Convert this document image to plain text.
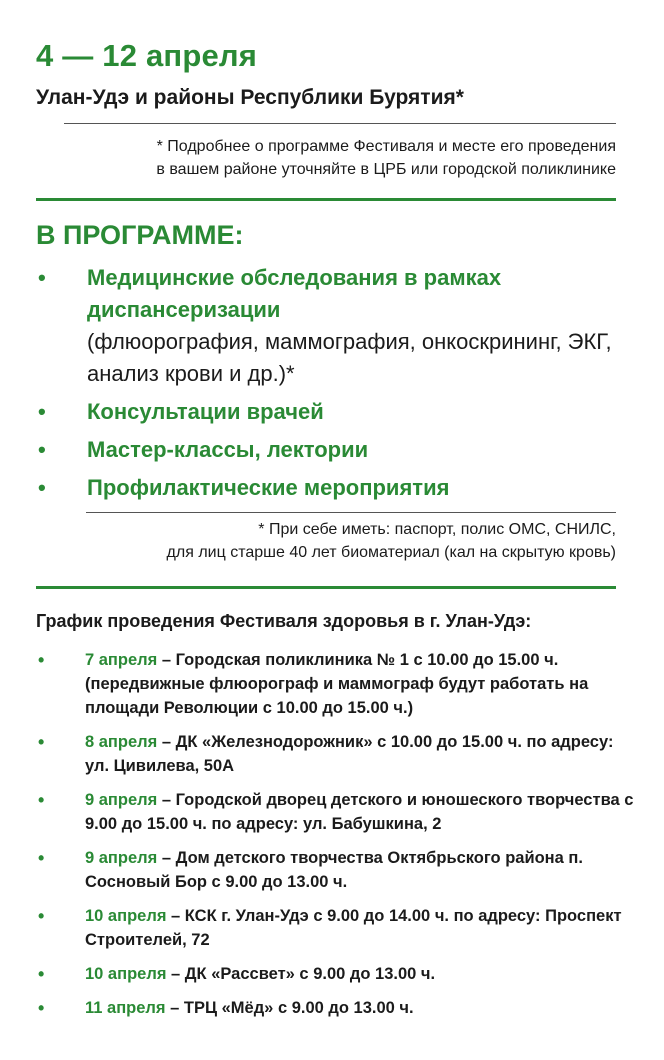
4 — 12 апреля
Улан-Удэ и районы Республики Бурятия*
* Подробнее о программе Фестиваля и месте его проведения
в вашем районе уточняйте в ЦРБ или городской поликлинике
В ПРОГРАММЕ:
• Медицинские обследования в рамках диспансеризации
(флюорография, маммография, онкоскрининг, ЭКГ, анализ крови и др.)*
• Консультации врачей
• Мастер-классы, лектории
• Профилактические мероприятия
* При себе иметь: паспорт, полис ОМС, СНИЛС,
для лиц старше 40 лет биоматериал (кал на скрытую кровь)
График проведения Фестиваля здоровья в г. Улан-Удэ:
• 7 апреля – Городская поликлиника № 1 с 10.00 до 15.00 ч. (передвижные флюорограф и маммограф будут работать на площади Революции с 10.00 до 15.00 ч.)
• 8 апреля – ДК «Железнодорожник» с 10.00 до 15.00 ч. по адресу: ул. Цивилева, 50А
• 9 апреля – Городской дворец детского и юношеского творчества с 9.00 до 15.00 ч. по адресу: ул. Бабушкина, 2
• 9 апреля – Дом детского творчества Октябрьского района п. Сосновый Бор с 9.00 до 13.00 ч.
• 10 апреля – КСК г. Улан-Удэ с 9.00 до 14.00 ч. по адресу: Проспект Строителей, 72
• 10 апреля – ДК «Рассвет» с 9.00 до 13.00 ч.
• 11 апреля – ТРЦ «Мёд» с 9.00 до 13.00 ч.
